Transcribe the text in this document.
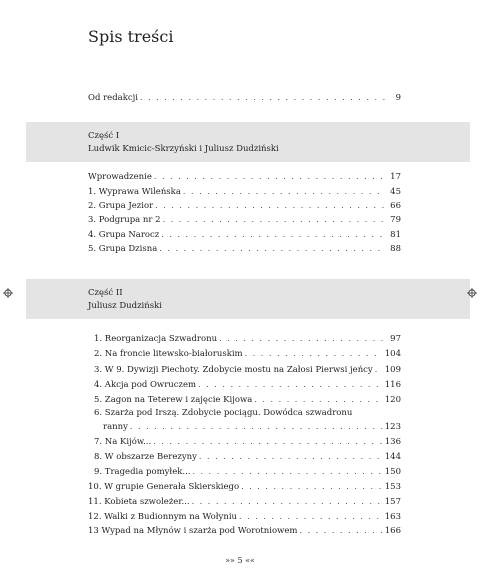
Spis treści
Od redakcji . . .	9
Część I
Ludwik Kmicic-Skrzyński i Juliusz Dudziński
Wprowadzenie . . .	17
1. Wyprawa Wileńska . . .	45
2. Grupa Jezior . . .	66
3. Podgrupa nr 2 . . .	79
4. Grupa Narocz . . .	81
5. Grupa Dzisna . . .	88
Część II
Juliusz Dudziński
1. Reorganizacja Szwadronu . . .	97
2. Na froncie litewsko-białoruskim . . .	104
3. W 9. Dywizji Piechoty. Zdobycie mostu na Załosi Pierwsi jeńcy . . . 109
4. Akcja pod Owruczem . . .	116
5. Zagon na Teterew i zajęcie Kijowa . . .	120
6. Szarża pod Irszą. Zdobycie pociągu. Dowódca szwadronu
ranny . . .	123
7. Na Kijów... . . .	136
8. W obszarze Berezyny . . .	144
9. Tragedia pomyłek... . . .	150
10. W grupie Generała Skierskiego . . .	153
11. Kobieta szwoleżer... . . .	157
12. Walki z Budionnym na Wołyniu . . .	163
13 Wypad na Młynów i szarża pod Worotniowem . . .	166
»» 5 ««
